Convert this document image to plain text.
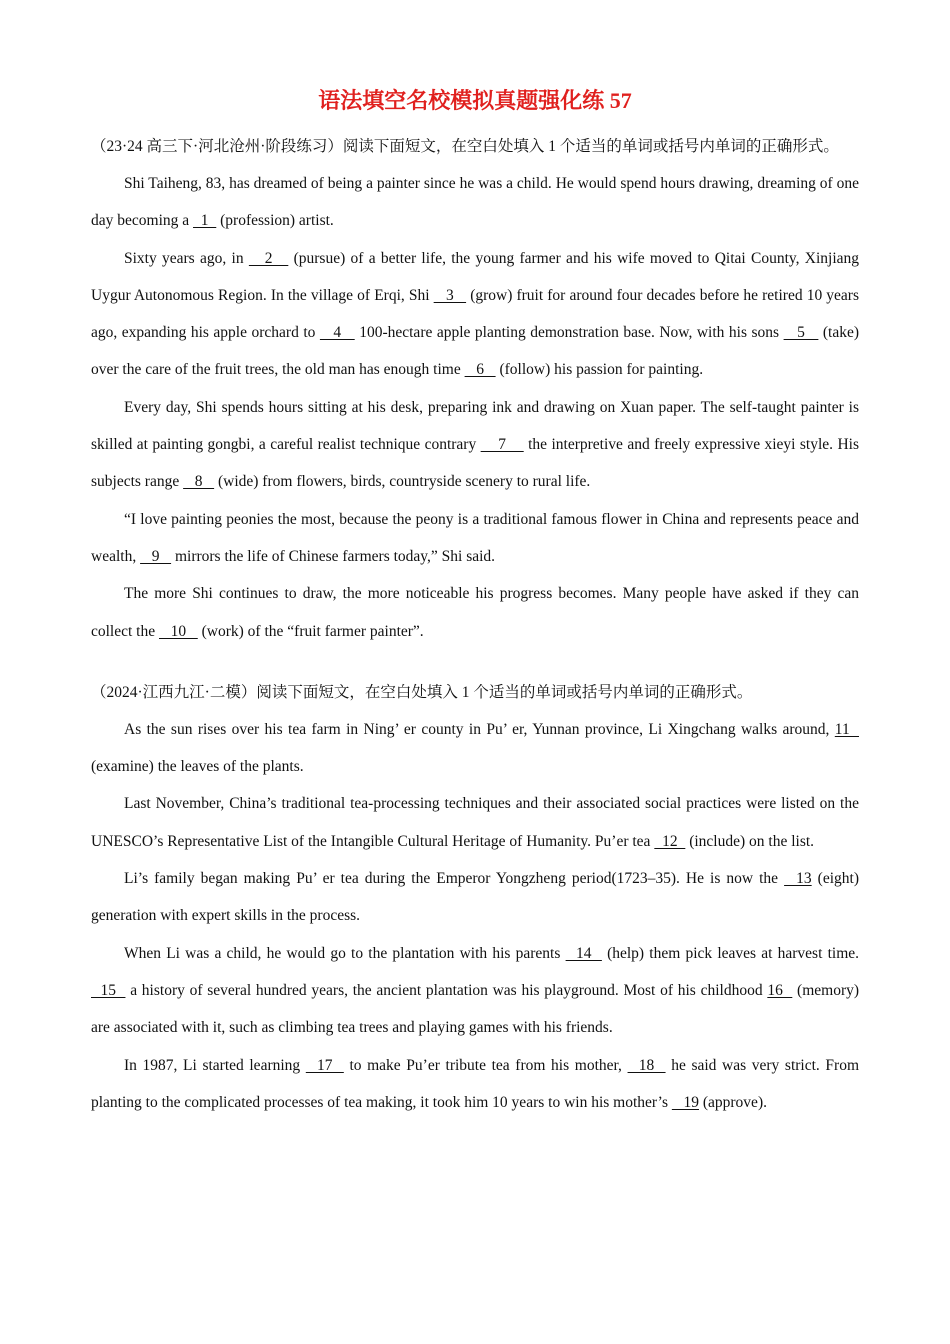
语法填空名校模拟真题强化练 57

（23·24 高三下·河北沧州·阶段练习）阅读下面短文，在空白处填入 1 个适当的单词或括号内单词的正确形式。

Shi Taiheng, 83, has dreamed of being a painter since he was a child. He would spend hours drawing, dreaming of one day becoming a   1   (profession) artist.

Sixty years ago, in    2    (pursue) of a better life, the young farmer and his wife moved to Qitai County, Xinjiang Uygur Autonomous Region. In the village of Erqi, Shi    3    (grow) fruit for around four decades before he retired 10 years ago, expanding his apple orchard to    4    100-hectare apple planting demonstration base. Now, with his sons    5    (take) over the care of the fruit trees, the old man has enough time    6    (follow) his passion for painting.

Every day, Shi spends hours sitting at his desk, preparing ink and drawing on Xuan paper. The self-taught painter is skilled at painting gongbi, a careful realist technique contrary     7     the interpretive and freely expressive xieyi style. His subjects range    8    (wide) from flowers, birds, countryside scenery to rural life.

“I love painting peonies the most, because the peony is a traditional famous flower in China and represents peace and wealth,    9    mirrors the life of Chinese farmers today,” Shi said.

The more Shi continues to draw, the more noticeable his progress becomes. Many people have asked if they can collect the    10    (work) of the “fruit farmer painter”.

（2024·江西九江·二模）阅读下面短文，在空白处填入 1 个适当的单词或括号内单词的正确形式。

As the sun rises over his tea farm in Ning’ er county in Pu’ er, Yunnan province, Li Xingchang walks around, 11   (examine) the leaves of the plants.

Last November, China’s traditional tea-processing techniques and their associated social practices were listed on the UNESCO’s Representative List of the Intangible Cultural Heritage of Humanity. Pu’er tea   12   (include) on the list.

Li’s family began making Pu’ er tea during the Emperor Yongzheng period(1723–35). He is now the   13 (eight) generation with expert skills in the process.

When Li was a child, he would go to the plantation with his parents   14   (help) them pick leaves at harvest time.   15   a history of several hundred years, the ancient plantation was his playground. Most of his childhood 16   (memory) are associated with it, such as climbing tea trees and playing games with his friends.

In 1987, Li started learning   17   to make Pu’er tribute tea from his mother,   18   he said was very strict. From planting to the complicated processes of tea making, it took him 10 years to win his mother’s    19 (approve).
